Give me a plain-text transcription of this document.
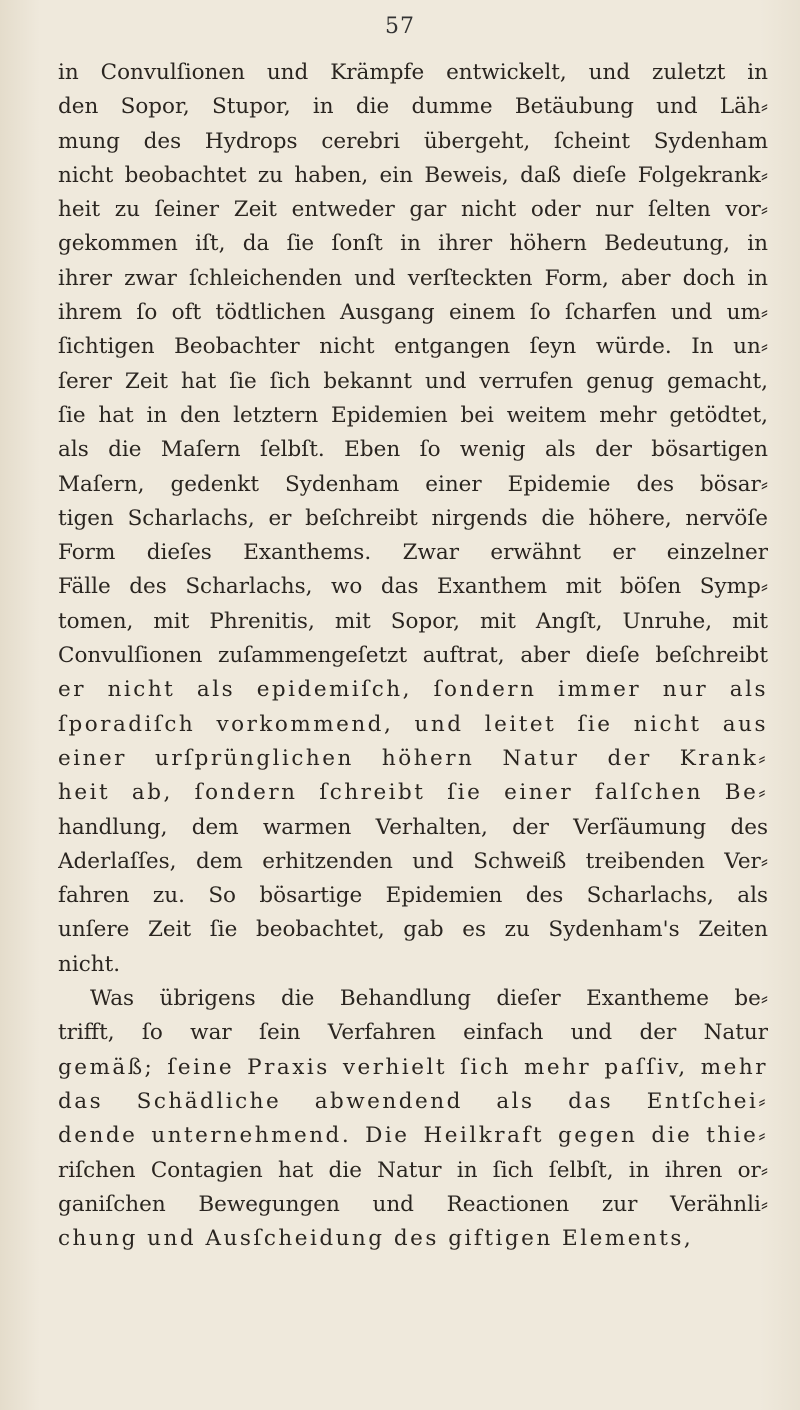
57
in Convulſionen und Krämpfe entwickelt, und zuletzt in
den Sopor, Stupor, in die dumme Betäubung und Läh⸗
mung des Hydrops cerebri übergeht, ſcheint Sydenham
nicht beobachtet zu haben, ein Beweis, daß dieſe Folgekrank⸗
heit zu ſeiner Zeit entweder gar nicht oder nur ſelten vor⸗
gekommen iſt, da ſie ſonſt in ihrer höhern Bedeutung, in
ihrer zwar ſchleichenden und verſteckten Form, aber doch in
ihrem ſo oft tödtlichen Ausgang einem ſo ſcharfen und um⸗
ſichtigen Beobachter nicht entgangen ſeyn würde. In un⸗
ſerer Zeit hat ſie ſich bekannt und verrufen genug gemacht,
ſie hat in den letztern Epidemien bei weitem mehr getödtet,
als die Maſern ſelbſt. Eben ſo wenig als der bösartigen
Maſern, gedenkt Sydenham einer Epidemie des bösar⸗
tigen Scharlachs, er beſchreibt nirgends die höhere, nervöſe
Form dieſes Exanthems. Zwar erwähnt er einzelner
Fälle des Scharlachs, wo das Exanthem mit böſen Symp⸗
tomen, mit Phrenitis, mit Sopor, mit Angſt, Unruhe, mit
Convulſionen zuſammengeſetzt auftrat, aber dieſe beſchreibt
er nicht als epidemiſch, ſondern immer nur als
ſporadiſch vorkommend, und leitet ſie nicht aus
einer urſprünglichen höhern Natur der Krank⸗
heit ab, ſondern ſchreibt ſie einer falſchen Be⸗
handlung, dem warmen Verhalten, der Verſäumung des
Aderlaſſes, dem erhitzenden und Schweiß treibenden Ver⸗
fahren zu. So bösartige Epidemien des Scharlachs, als
unſere Zeit ſie beobachtet, gab es zu Sydenham's Zeiten
nicht.
Was übrigens die Behandlung dieſer Exantheme be⸗
trifft, ſo war ſein Verfahren einfach und der Natur
gemäß; ſeine Praxis verhielt ſich mehr paſſiv, mehr
das Schädliche abwendend als das Entſchei⸗
dende unternehmend. Die Heilkraft gegen die thie⸗
riſchen Contagien hat die Natur in ſich ſelbſt, in ihren or⸗
ganiſchen Bewegungen und Reactionen zur Verähnli⸗
chung und Ausſcheidung des giftigen Elements,
